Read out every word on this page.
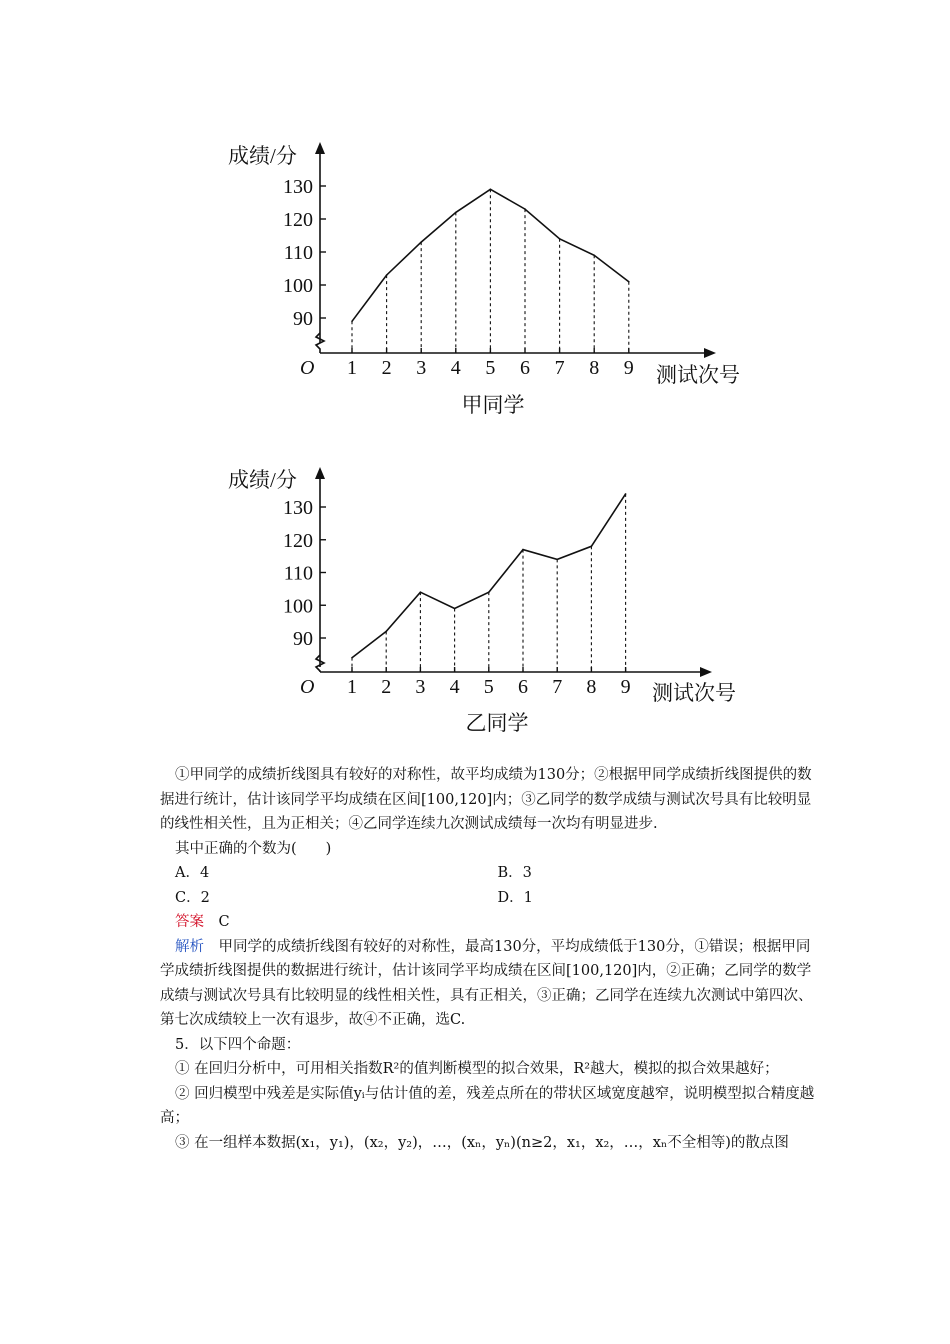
成绩/分
O	测试次号
甲同学
90
100
110
120
130
1 2 3 4 5 6 7 8 9
成绩/分
O	测试次号
乙同学
90
100
110
120
130
1 2 3 4 5 6 7 8 9

①甲同学的成绩折线图具有较好的对称性，故平均成绩为130分；②根据甲同学成绩折线图提供的数据进行统计，估计该同学平均成绩在区间[100,120]内；③乙同学的数学成绩与测试次号具有比较明显的线性相关性，且为正相关；④乙同学连续九次测试成绩每一次均有明显进步.

其中正确的个数为(　　)

A．4	B．3
C．2	D．1

答案　 C

解析　 甲同学的成绩折线图有较好的对称性，最高130分，平均成绩低于130分，①错误；根据甲同学成绩折线图提供的数据进行统计，估计该同学平均成绩在区间[100,120]内，②正确；乙同学的数学成绩与测试次号具有比较明显的线性相关性，具有正相关，③正确；乙同学在连续九次测试中第四次、第七次成绩较上一次有退步，故④不正确，选C.

5．以下四个命题：

① 在回归分析中，可用相关指数R²的值判断模型的拟合效果，R²越大，模拟的拟合效果越好；

② 回归模型中残差是实际值yᵢ与估计值的差，残差点所在的带状区域宽度越窄，说明模型拟合精度越高；

③ 在一组样本数据(x₁，y₁)，(x₂，y₂)，…，(xₙ，yₙ)(n≥2，x₁，x₂，…，xₙ不全相等)的散点图
